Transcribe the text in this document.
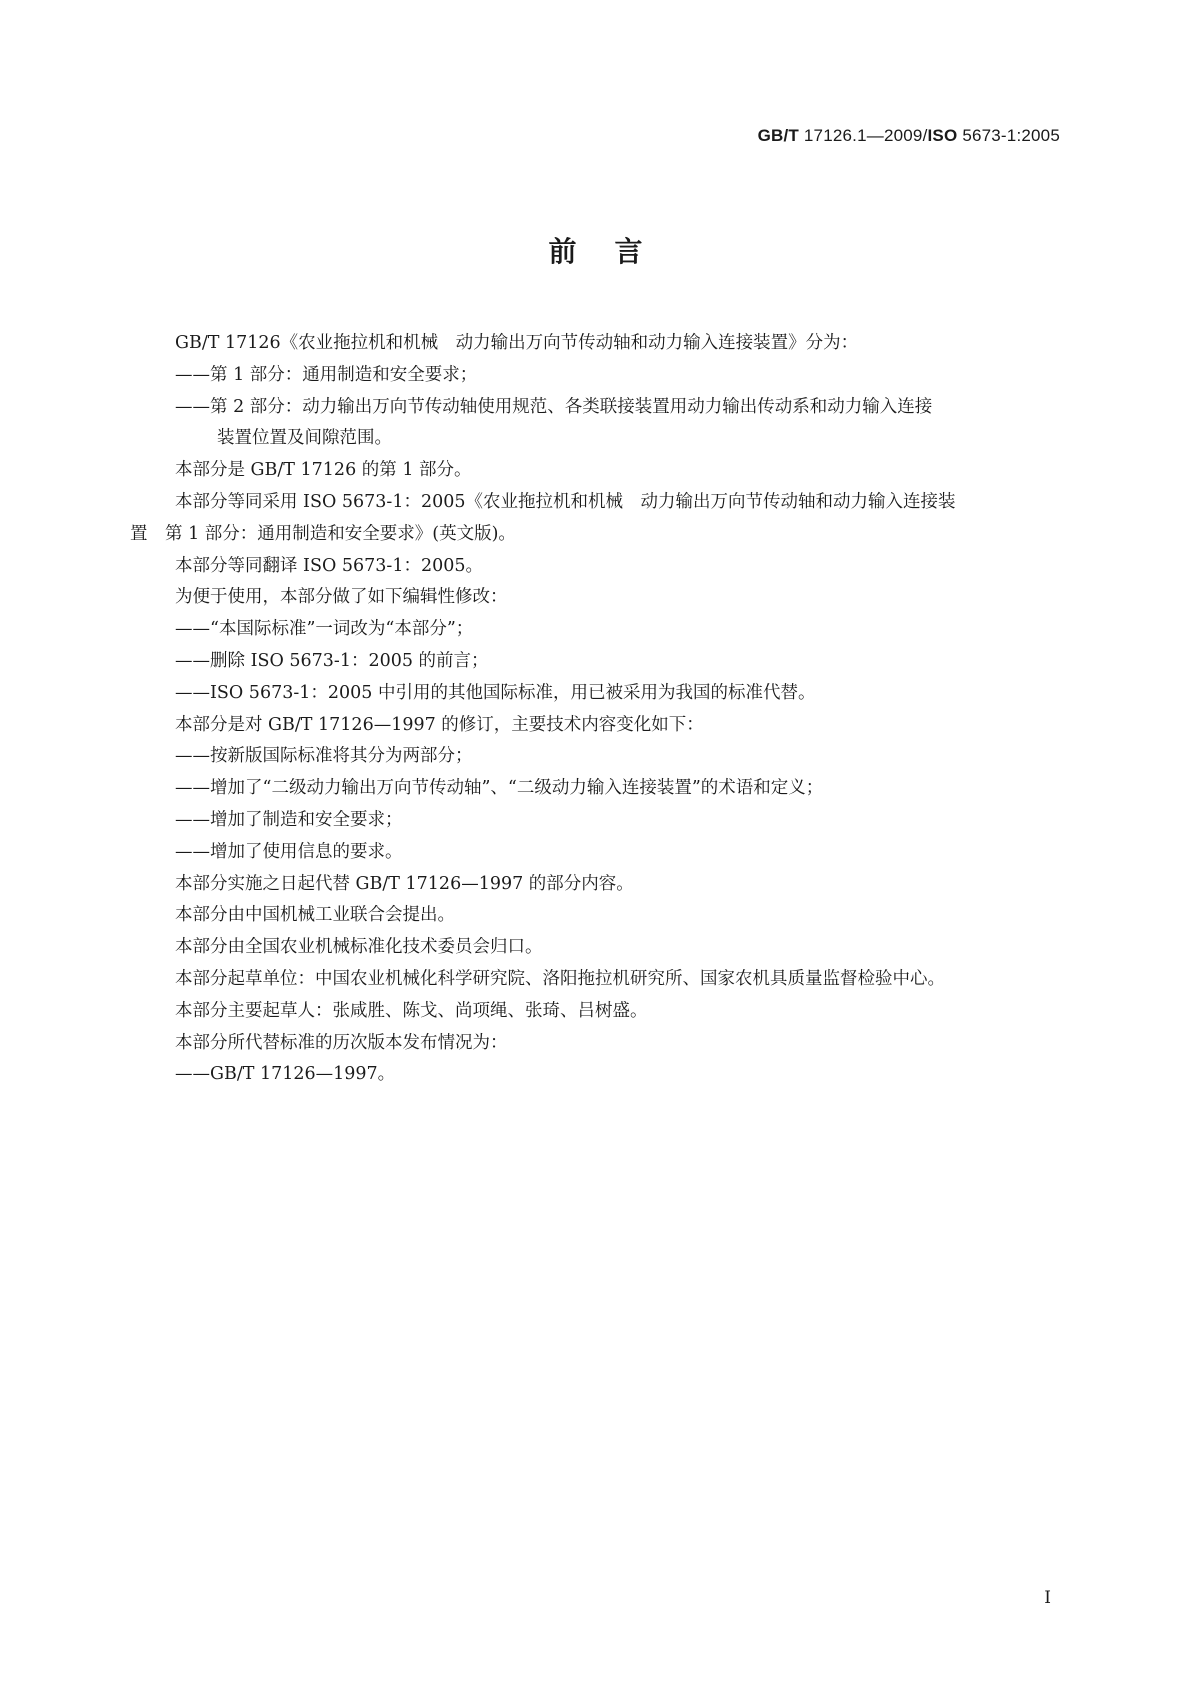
GB/T 17126.1—2009/ISO 5673-1:2005
前言
GB/T 17126《农业拖拉机和机械　动力输出万向节传动轴和动力输入连接装置》分为：
——第 1 部分：通用制造和安全要求；
——第 2 部分：动力输出万向节传动轴使用规范、各类联接装置用动力输出传动系和动力输入连接
装置位置及间隙范围。
本部分是 GB/T 17126 的第 1 部分。
本部分等同采用 ISO 5673-1：2005《农业拖拉机和机械　动力输出万向节传动轴和动力输入连接装
置　第 1 部分：通用制造和安全要求》(英文版)。
本部分等同翻译 ISO 5673-1：2005。
为便于使用，本部分做了如下编辑性修改：
——“本国际标准”一词改为“本部分”；
——删除 ISO 5673-1：2005 的前言；
——ISO 5673-1：2005 中引用的其他国际标准，用已被采用为我国的标准代替。
本部分是对 GB/T 17126—1997 的修订，主要技术内容变化如下：
——按新版国际标准将其分为两部分；
——增加了“二级动力输出万向节传动轴”、“二级动力输入连接装置”的术语和定义；
——增加了制造和安全要求；
——增加了使用信息的要求。
本部分实施之日起代替 GB/T 17126—1997 的部分内容。
本部分由中国机械工业联合会提出。
本部分由全国农业机械标准化技术委员会归口。
本部分起草单位：中国农业机械化科学研究院、洛阳拖拉机研究所、国家农机具质量监督检验中心。
本部分主要起草人：张咸胜、陈戈、尚项绳、张琦、吕树盛。
本部分所代替标准的历次版本发布情况为：
——GB/T 17126—1997。
I
